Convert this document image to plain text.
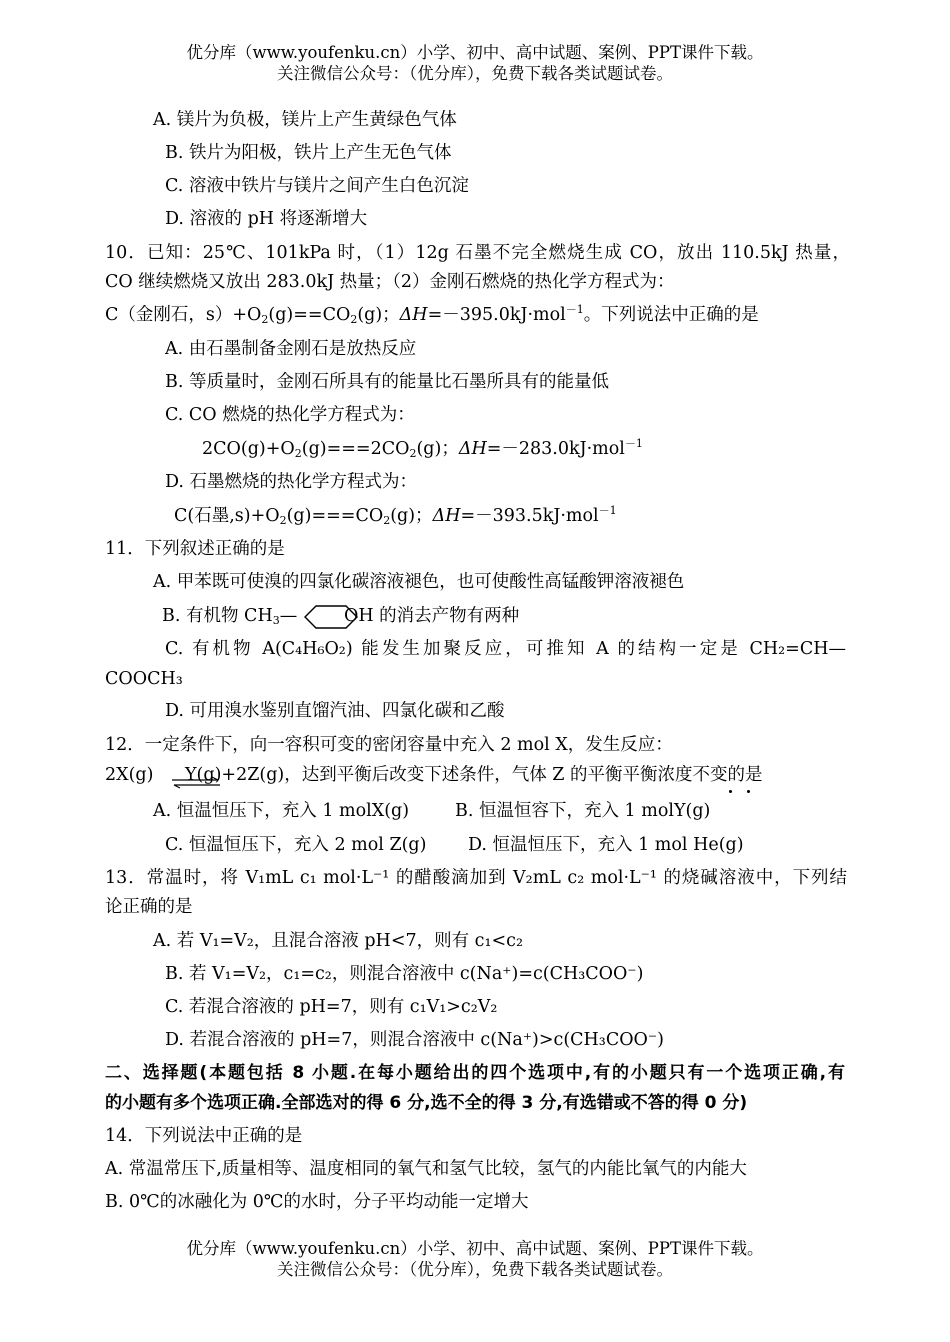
优分库（www.youfenku.cn）小学、初中、高中试题、案例、PPT课件下载。
关注微信公众号：（优分库），免费下载各类试题试卷。
A. 镁片为负极，镁片上产生黄绿色气体
B. 铁片为阳极，铁片上产生无色气体
C. 溶液中铁片与镁片之间产生白色沉淀
D. 溶液的 pH 将逐渐增大
10．已知：25℃、101kPa 时，（1）12g 石墨不完全燃烧生成 CO，放出 110.5kJ 热量，
CO 继续燃烧又放出 283.0kJ 热量；（2）金刚石燃烧的热化学方程式为：
C（金刚石，$s)+O_2(g)==CO_2(g)$；ΔH=－395.0kJ·mol$^{-1}$。下列说法中正确的是
A. 由石墨制备金刚石是放热反应
B. 等质量时，金刚石所具有的能量比石墨所具有的能量低
C. CO 燃烧的热化学方程式为：
$2CO(g)+O_2(g)===2CO_2(g)$；ΔH=－283.0kJ·mol$^{-1}$
D. 石墨燃烧的热化学方程式为：
C(石墨$,s)+O_2(g)===CO_2(g)$；ΔH=－393.5kJ·mol$^{-1}$
11．下列叙述正确的是
A. 甲苯既可使溴的四氯化碳溶液褪色，也可使酸性高锰酸钾溶液褪色
B. 有机物 $CH_3—$	OH 的消去产物有两种
C. 有机物 A(C₄H₆O₂) 能发生加聚反应，可推知 A 的结构一定是 CH₂=CH—
COOCH₃
D. 可用溴水鉴别直馏汽油、四氯化碳和乙酸
12．一定条件下，向一容积可变的密闭容量中充入 2 mol X，发生反应：
2X(g) ⇌
Y(g)+2Z(g)，达到平衡后改变下述条件，气体 Z 的平衡平衡浓度不变的是
A. 恒温恒压下，充入 1 molX(g)	B. 恒温恒容下，充入 1 molY(g)
C. 恒温恒压下，充入 2 mol Z(g) D. 恒温恒压下，充入 1 mol He(g)
13．常温时，将 V₁mL c₁ mol·L⁻¹ 的醋酸滴加到 V₂mL c₂ mol·L⁻¹ 的烧碱溶液中，下列结
论正确的是
A. 若 V₁=V₂，且混合溶液 pH<7，则有 c₁<c₂
B. 若 V₁=V₂，c₁=c₂，则混合溶液中 c(Na⁺)=c(CH₃COO⁻)
C. 若混合溶液的 pH=7，则有 c₁V₁>c₂V₂
D. 若混合溶液的 pH=7，则混合溶液中 c(Na⁺)>c(CH₃COO⁻)
二、选择题(本题包括 8 小题.在每小题给出的四个选项中,有的小题只有一个选项正确,有
的小题有多个选项正确.全部选对的得 6 分,选不全的得 3 分,有选错或不答的得 0 分)
14．下列说法中正确的是
A. 常温常压下,质量相等、温度相同的氧气和氢气比较，氢气的内能比氧气的内能大
B. 0℃的冰融化为 0℃的水时，分子平均动能一定增大
优分库（www.youfenku.cn）小学、初中、高中试题、案例、PPT课件下载。
关注微信公众号：（优分库），免费下载各类试题试卷。
